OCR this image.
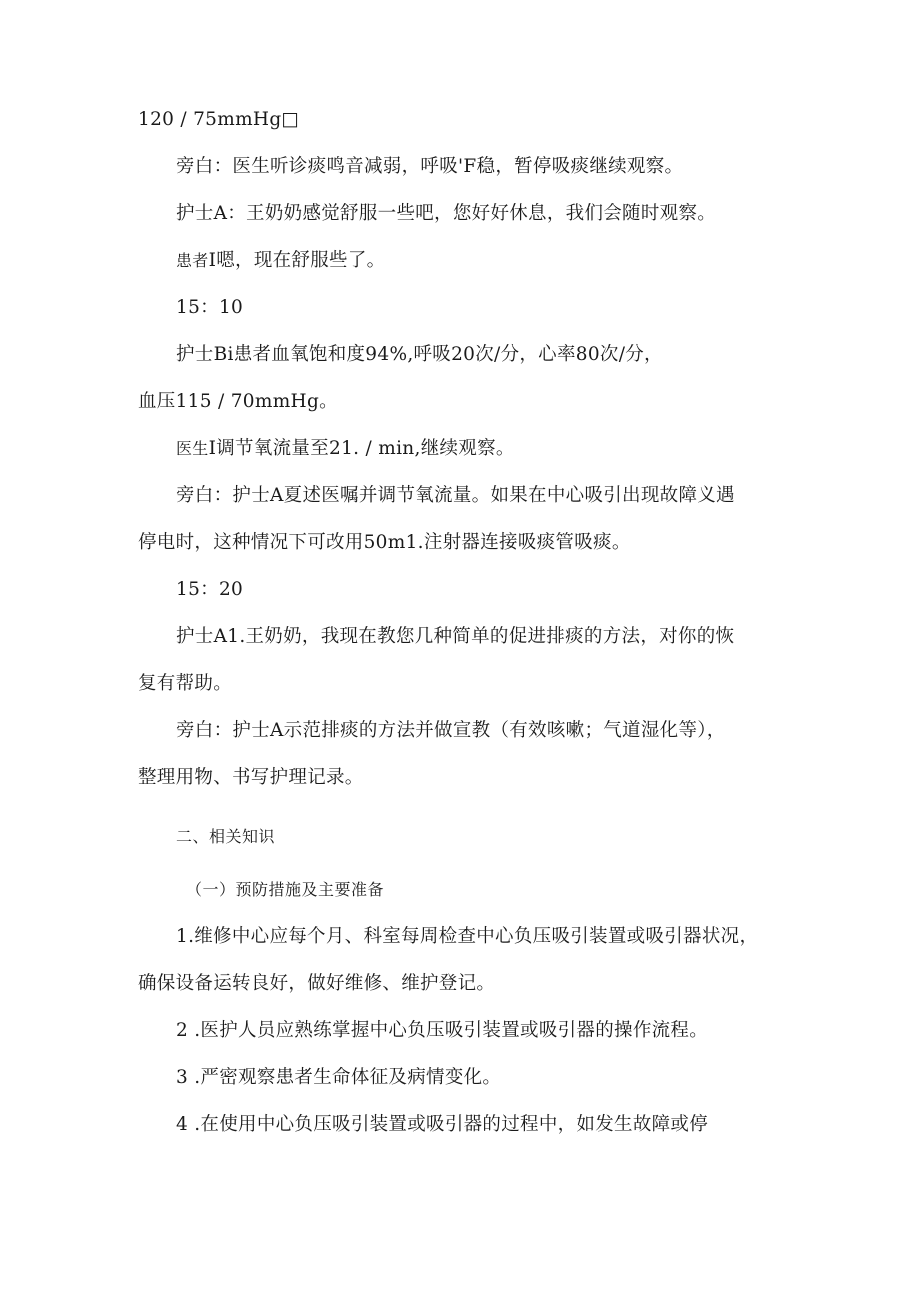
120 / 75mmHg□

旁白：医生听诊痰鸣音减弱，呼吸'F稳，暂停吸痰继续观察。

护士A：王奶奶感觉舒服一些吧，您好好休息，我们会随时观察。

患者I嗯，现在舒服些了。

15：10

护士Bi患者血氧饱和度94%,呼吸20次/分，心率80次/分，

血压115 / 70mmHg。

医生I调节氧流量至21. / min,继续观察。

旁白：护士A夏述医嘱并调节氧流量。如果在中心吸引出现故障义遇

停电时，这种情况下可改用50m1.注射器连接吸痰管吸痰。

15：20

护士A1.王奶奶，我现在教您几种简单的促进排痰的方法，对你的恢

复有帮助。

旁白：护士A示范排痰的方法并做宣教（有效咳嗽；气道湿化等），

整理用物、书写护理记录。

二、相关知识

（一）预防措施及主要准备

1.维修中心应每个月、科室每周检查中心负压吸引装置或吸引器状况，

确保设备运转良好，做好维修、维护登记。

2 .医护人员应熟练掌握中心负压吸引装置或吸引器的操作流程。

3 .严密观察患者生命体征及病情变化。

4 .在使用中心负压吸引装置或吸引器的过程中，如发生故障或停
